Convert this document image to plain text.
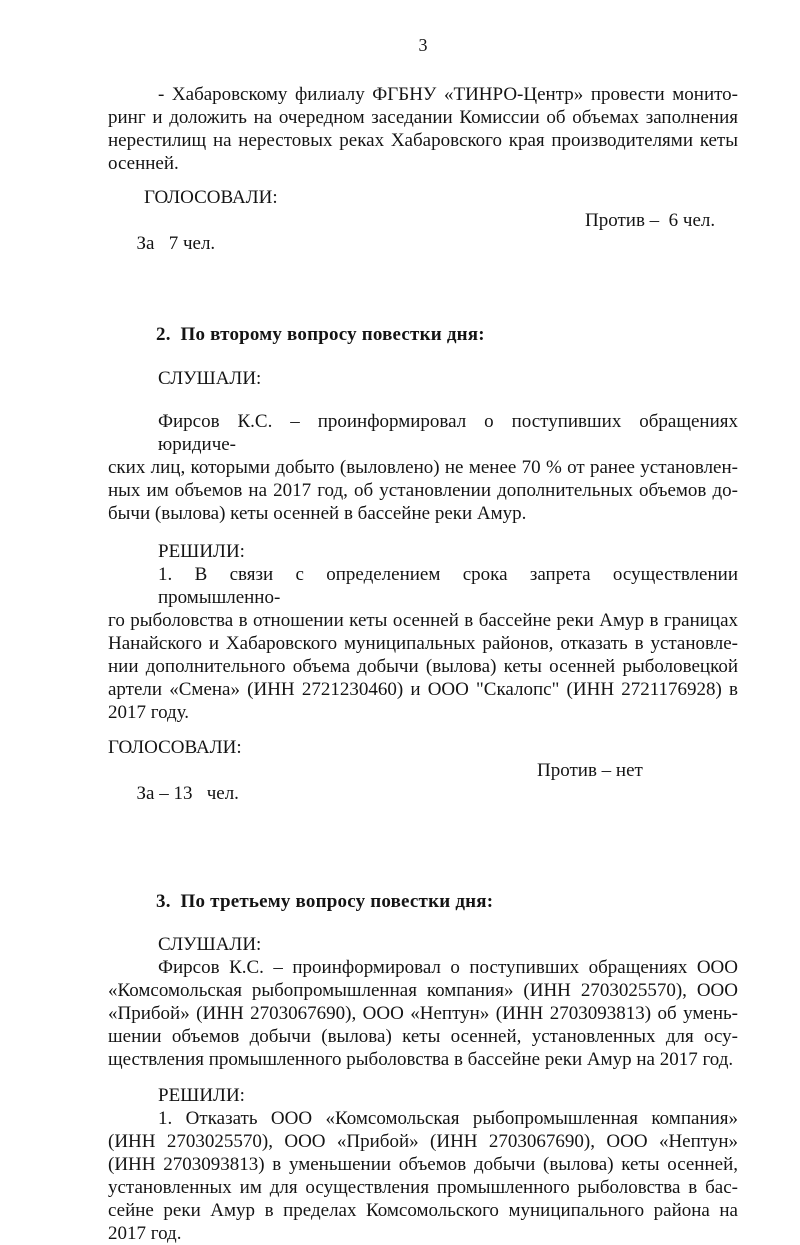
3
- Хабаровскому филиалу ФГБНУ «ТИНРО-Центр» провести монито-
ринг и доложить на очередном заседании Комиссии об объемах заполнения
нерестилищ на нерестовых реках Хабаровского края производителями кеты
осенней.
ГОЛОСОВАЛИ:

За   7 чел.

Против –  6 чел.

2.  По второму вопросу повестки дня:
СЛУШАЛИ:
Фирсов К.С. – проинформировал о поступивших обращениях юридиче-
ских лиц, которыми добыто (выловлено) не менее 70 % от ранее установлен-
ных им объемов на 2017 год, об установлении дополнительных объемов до-
бычи (вылова) кеты осенней в бассейне реки Амур.
РЕШИЛИ:
1. В связи с определением срока запрета осуществлении промышленно-
го рыболовства в отношении кеты осенней в бассейне реки Амур в границах
Нанайского и Хабаровского муниципальных районов, отказать в установле-
нии дополнительного объема добычи (вылова) кеты осенней рыболовецкой
артели «Смена» (ИНН 2721230460) и ООО "Скалопс" (ИНН 2721176928) в
2017 году.
ГОЛОСОВАЛИ:

За – 13   чел.

Против – нет

3.  По третьему вопросу повестки дня:
СЛУШАЛИ:
Фирсов К.С. – проинформировал о поступивших обращениях ООО
«Комсомольская рыбопромышленная компания» (ИНН 2703025570), ООО
«Прибой» (ИНН 2703067690), ООО «Нептун» (ИНН 2703093813) об умень-
шении объемов добычи (вылова) кеты осенней, установленных для осу-
ществления промышленного рыболовства в бассейне реки Амур на 2017 год.
РЕШИЛИ:
1. Отказать ООО «Комсомольская рыбопромышленная компания»
(ИНН 2703025570), ООО «Прибой» (ИНН 2703067690), ООО «Нептун»
(ИНН 2703093813) в уменьшении объемов добычи (вылова) кеты осенней,
установленных им для осуществления промышленного рыболовства в бас-
сейне реки Амур в пределах Комсомольского муниципального района на
2017 год.
